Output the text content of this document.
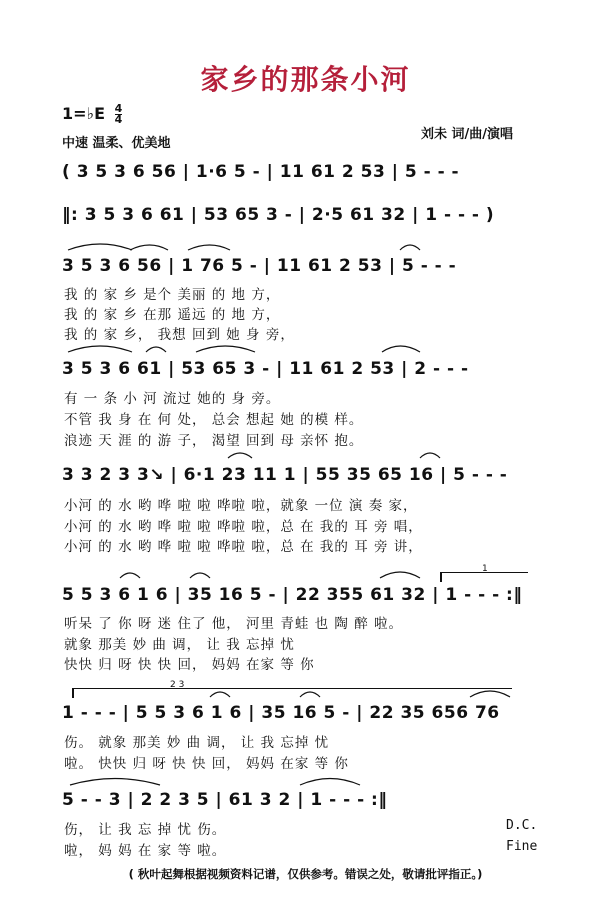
家乡的那条小河
1=♭E $\frac{4}{4}$
中速 温柔、优美地
刘未 词/曲/演唱
( 3 5 3 6 56 | 1·6 5 - | 11 61 2 53 | 5 - - -
‖: 3 5 3 6 61 | 53 65 3 - | 2·5 61 32 | 1 - - - )
3 5 3 6 56 | 1 76 5 - | 11 61 2 53 | 5 - - -
我 的 家 乡 是个 美丽 的 地 方，
我 的 家 乡 在那 遥远 的 地 方，
我 的 家 乡， 我想 回到 她 身 旁，
3 5 3 6 61 | 53 65 3 - | 11 61 2 53 | 2 - - -
有 一 条 小 河 流过 她的 身 旁。
不管 我 身 在 何 处， 总会 想起 她 的模 样。
浪迹 天 涯 的 游 子， 渴望 回到 母 亲怀 抱。
3 3 2 3 3↘ | 6·1 23 11 1 | 55 35 65 16 | 5 - - -
小河 的 水 哟 哗 啦 啦 哗啦 啦，就象 一位 演 奏 家，
小河 的 水 哟 哗 啦 啦 哗啦 啦，总 在 我的 耳 旁 唱，
小河 的 水 哟 哗 啦 啦 哗啦 啦，总 在 我的 耳 旁 讲，
5 5 3 6 1 6 | 35 16 5 - | 22 355 61 32 | 1 - - - :‖
听呆 了 你 呀 迷 住了 他， 河里 青蛙 也 陶 醉 啦。
就象 那美 妙 曲 调， 让 我 忘掉 忧
快快 归 呀 快 快 回， 妈妈 在家 等 你
1 - - - | 5 5 3 6 1 6 | 35 16 5 - | 22 35 656 76
伤。 就象 那美 妙 曲 调， 让 我 忘掉 忧
啦。 快快 归 呀 快 快 回， 妈妈 在家 等 你
5 - - 3 | 2 2 3 5 | 61 3 2 | 1 - - - :‖
伤， 让 我 忘 掉 忧 伤。
啦， 妈 妈 在 家 等 啦。
D.C.
Fine
1
2 3
( 秋叶起舞根据视频资料记谱，仅供参考。错误之处，敬请批评指正。)
